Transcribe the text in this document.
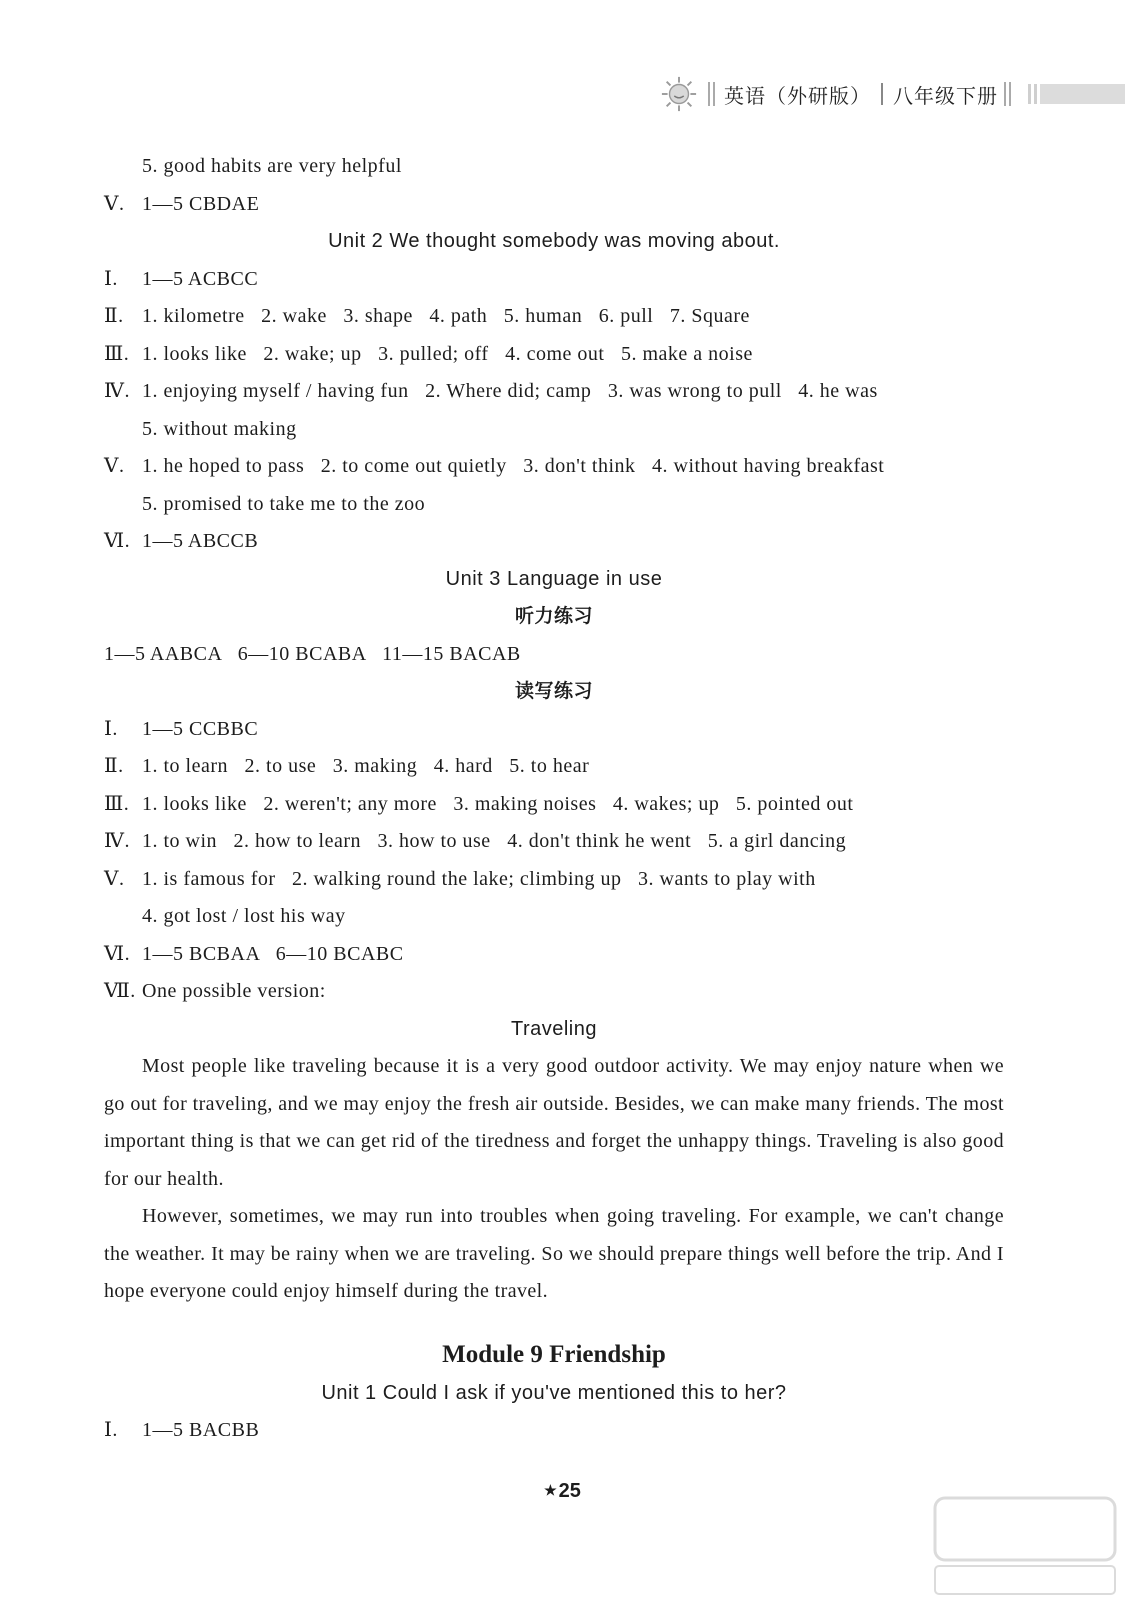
英语（外研版） 八年级下册
5. good habits are very helpful
Ⅴ. 1—5 CBDAE
Unit 2 We thought somebody was moving about.
Ⅰ. 1—5 ACBCC
Ⅱ. 1. kilometre   2. wake   3. shape   4. path   5. human   6. pull   7. Square
Ⅲ. 1. looks like   2. wake; up   3. pulled; off   4. come out   5. make a noise
Ⅳ. 1. enjoying myself / having fun   2. Where did; camp   3. was wrong to pull   4. he was
5. without making
Ⅴ. 1. he hoped to pass   2. to come out quietly   3. don't think   4. without having breakfast
5. promised to take me to the zoo
Ⅵ. 1—5 ABCCB
Unit 3 Language in use
听力练习
1—5 AABCA   6—10 BCABA   11—15 BACAB
读写练习
Ⅰ. 1—5 CCBBC
Ⅱ. 1. to learn   2. to use   3. making   4. hard   5. to hear
Ⅲ. 1. looks like   2. weren't; any more   3. making noises   4. wakes; up   5. pointed out
Ⅳ. 1. to win   2. how to learn   3. how to use   4. don't think he went   5. a girl dancing
Ⅴ. 1. is famous for   2. walking round the lake; climbing up   3. wants to play with
4. got lost / lost his way
Ⅵ. 1—5 BCBAA   6—10 BCABC
Ⅶ. One possible version:
Traveling
Most people like traveling because it is a very good outdoor activity. We may enjoy nature when we go out for traveling, and we may enjoy the fresh air outside. Besides, we can make many friends. The most important thing is that we can get rid of the tiredness and forget the unhappy things. Traveling is also good for our health.
However, sometimes, we may run into troubles when going traveling. For example, we can't change the weather. It may be rainy when we are traveling. So we should prepare things well before the trip. And I hope everyone could enjoy himself during the travel.
Module 9 Friendship
Unit 1 Could I ask if you've mentioned this to her?
Ⅰ. 1—5 BACBB
★ 25
